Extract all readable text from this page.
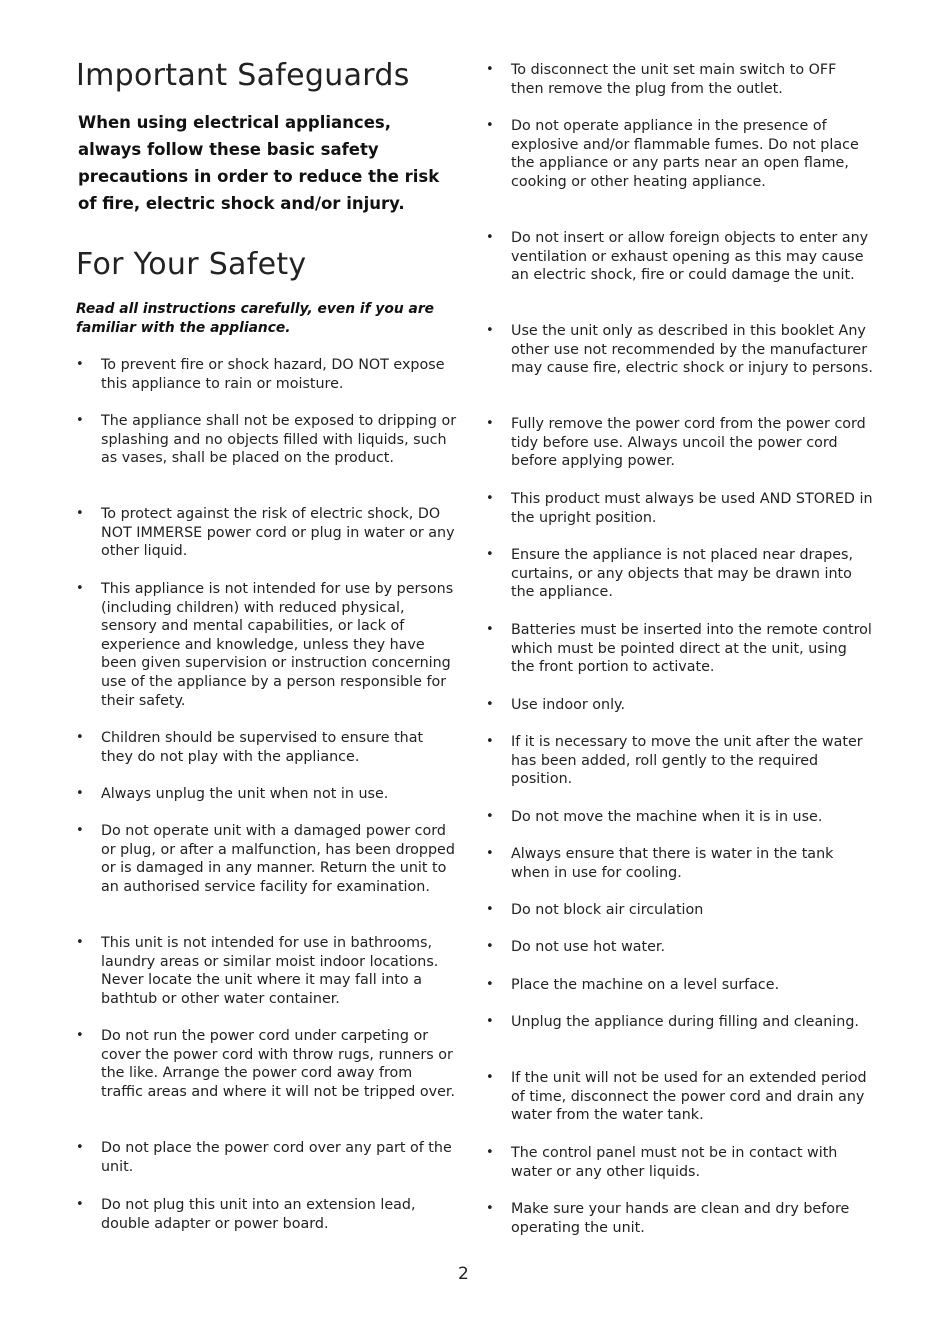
Important Safeguards

When using electrical appliances, always follow these basic safety precautions in order to reduce the risk of fire, electric shock and/or injury.

For Your Safety

Read all instructions carefully, even if you are familiar with the appliance.

• To prevent fire or shock hazard, DO NOT expose this appliance to rain or moisture.
• The appliance shall not be exposed to dripping or splashing and no objects filled with liquids, such as vases, shall be placed on the product.
• To protect against the risk of electric shock, DO NOT IMMERSE power cord or plug in water or any other liquid.
• This appliance is not intended for use by persons (including children) with reduced physical, sensory and mental capabilities, or lack of experience and knowledge, unless they have been given supervision or instruction concerning use of the appliance by a person responsible for their safety.
• Children should be supervised to ensure that they do not play with the appliance.
• Always unplug the unit when not in use.
• Do not operate unit with a damaged power cord or plug, or after a malfunction, has been dropped or is damaged in any manner. Return the unit to an authorised service facility for examination.
• This unit is not intended for use in bathrooms, laundry areas or similar moist indoor locations. Never locate the unit where it may fall into a bathtub or other water container.
• Do not run the power cord under carpeting or cover the power cord with throw rugs, runners or the like. Arrange the power cord away from traffic areas and where it will not be tripped over.
• Do not place the power cord over any part of the unit.
• Do not plug this unit into an extension lead, double adapter or power board.
• To disconnect the unit set main switch to OFF then remove the plug from the outlet.
• Do not operate appliance in the presence of explosive and/or flammable fumes. Do not place the appliance or any parts near an open flame, cooking or other heating appliance.
• Do not insert or allow foreign objects to enter any ventilation or exhaust opening as this may cause an electric shock, fire or could damage the unit.
• Use the unit only as described in this booklet Any other use not recommended by the manufacturer may cause fire, electric shock or injury to persons.
• Fully remove the power cord from the power cord tidy before use. Always uncoil the power cord before applying power.
• This product must always be used AND STORED in the upright position.
• Ensure the appliance is not placed near drapes, curtains, or any objects that may be drawn into the appliance.
• Batteries must be inserted into the remote control which must be pointed direct at the unit, using the front portion to activate.
• Use indoor only.
• If it is necessary to move the unit after the water has been added, roll gently to the required position.
• Do not move the machine when it is in use.
• Always ensure that there is water in the tank when in use for cooling.
• Do not block air circulation
• Do not use hot water.
• Place the machine on a level surface.
• Unplug the appliance during filling and cleaning.
• If the unit will not be used for an extended period of time, disconnect the power cord and drain any water from the water tank.
• The control panel must not be in contact with water or any other liquids.
• Make sure your hands are clean and dry before operating the unit.
2
